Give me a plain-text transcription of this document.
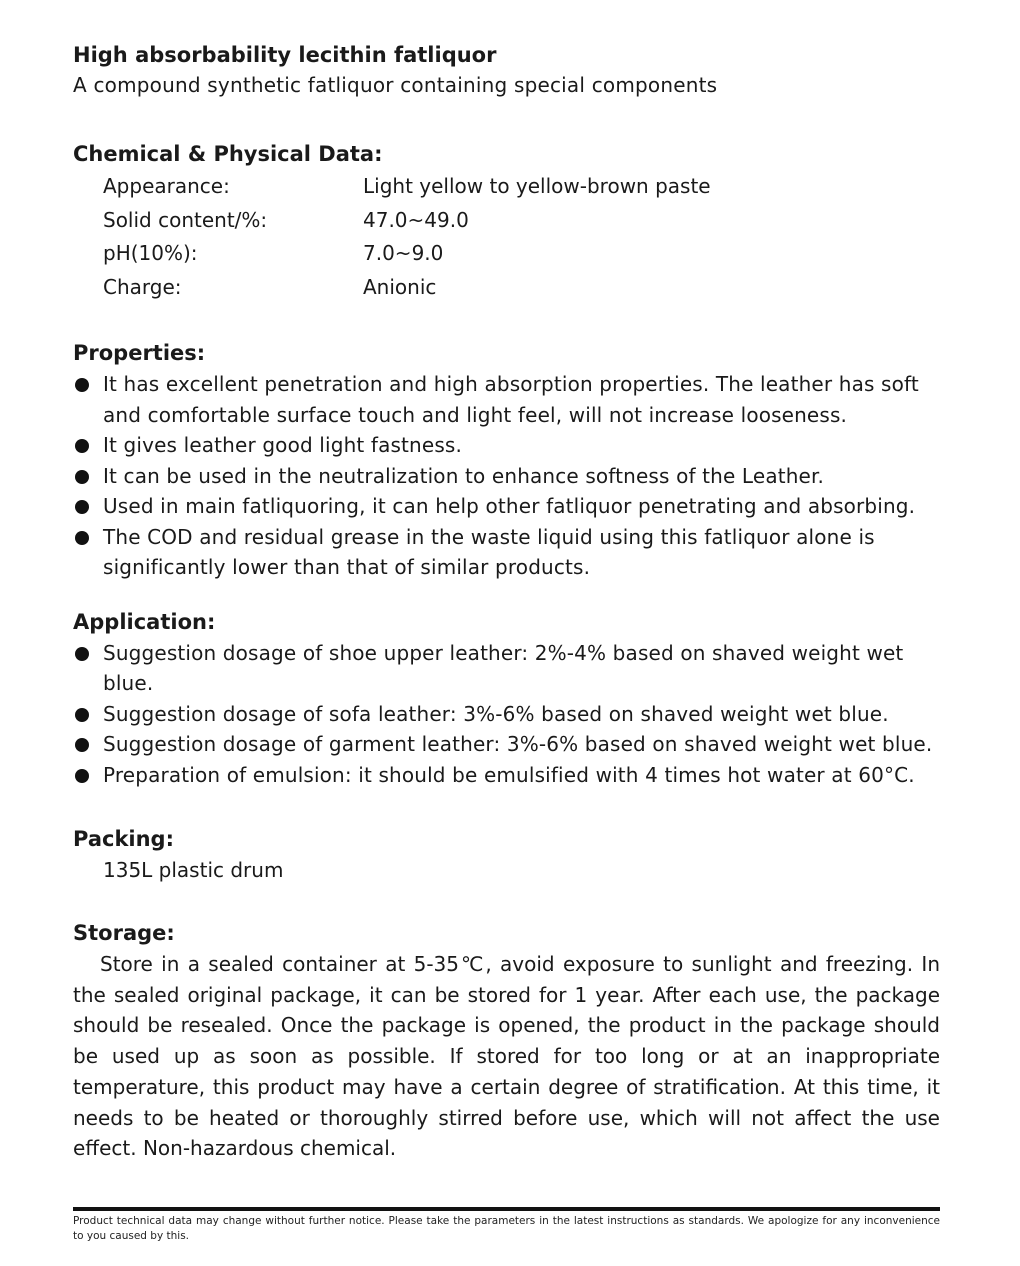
High absorbability lecithin fatliquor

A compound synthetic fatliquor containing special components

Chemical & Physical Data:

Appearance:	Light yellow to yellow-brown paste
Solid content/%:	47.0~49.0
pH(10%):	7.0~9.0
Charge:	Anionic

Properties:

It has excellent penetration and high absorption properties. The leather has soft and comfortable surface touch and light feel, will not increase looseness.
It gives leather good light fastness.
It can be used in the neutralization to enhance softness of the Leather.
Used in main fatliquoring, it can help other fatliquor penetrating and absorbing.
The COD and residual grease in the waste liquid using this fatliquor alone is significantly lower than that of similar products.

Application:

Suggestion dosage of shoe upper leather: 2%-4% based on shaved weight wet blue.
Suggestion dosage of sofa leather: 3%-6% based on shaved weight wet blue.
Suggestion dosage of garment leather: 3%-6% based on shaved weight wet blue.
Preparation of emulsion: it should be emulsified with 4 times hot water at 60°C.

Packing:

135L plastic drum

Storage:

Store in a sealed container at 5-35℃, avoid exposure to sunlight and freezing. In the sealed original package, it can be stored for 1 year. After each use, the package should be resealed. Once the package is opened, the product in the package should be used up as soon as possible. If stored for too long or at an inappropriate temperature, this product may have a certain degree of stratification. At this time, it needs to be heated or thoroughly stirred before use, which will not affect the use effect. Non-hazardous chemical.

Product technical data may change without further notice. Please take the parameters in the latest instructions as standards. We apologize for any inconvenience to you caused by this.
